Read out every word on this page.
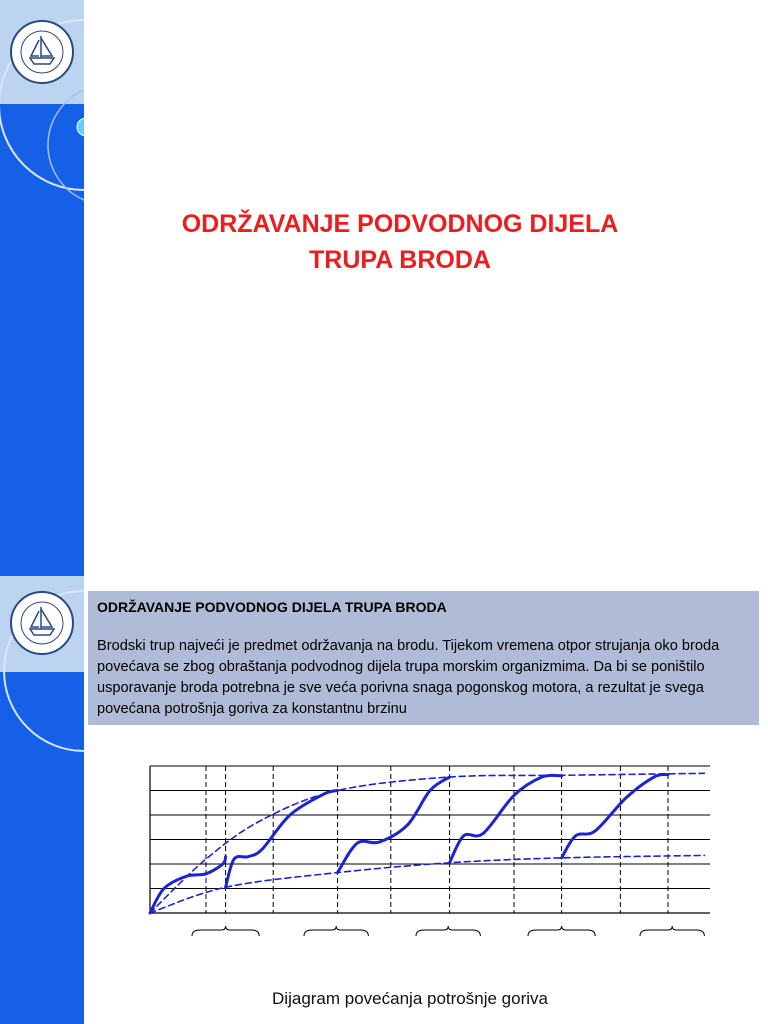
ODRŽAVANJE PODVODNOG DIJELA
TRUPA BRODA
ODRŽAVANJE PODVODNOG DIJELA TRUPA BRODA
Brodski trup najveći je predmet održavanja na brodu. Tijekom vremena otpor strujanja oko broda povećava se zbog obraštanja podvodnog dijela trupa morskim organizmima. Da bi se poništilo usporavanje broda potrebna je sve veća porivna snaga pogonskog motora, a rezultat je svega povećana potrošnja goriva za konstantnu brzinu
Dijagram povećanja potrošnje goriva
